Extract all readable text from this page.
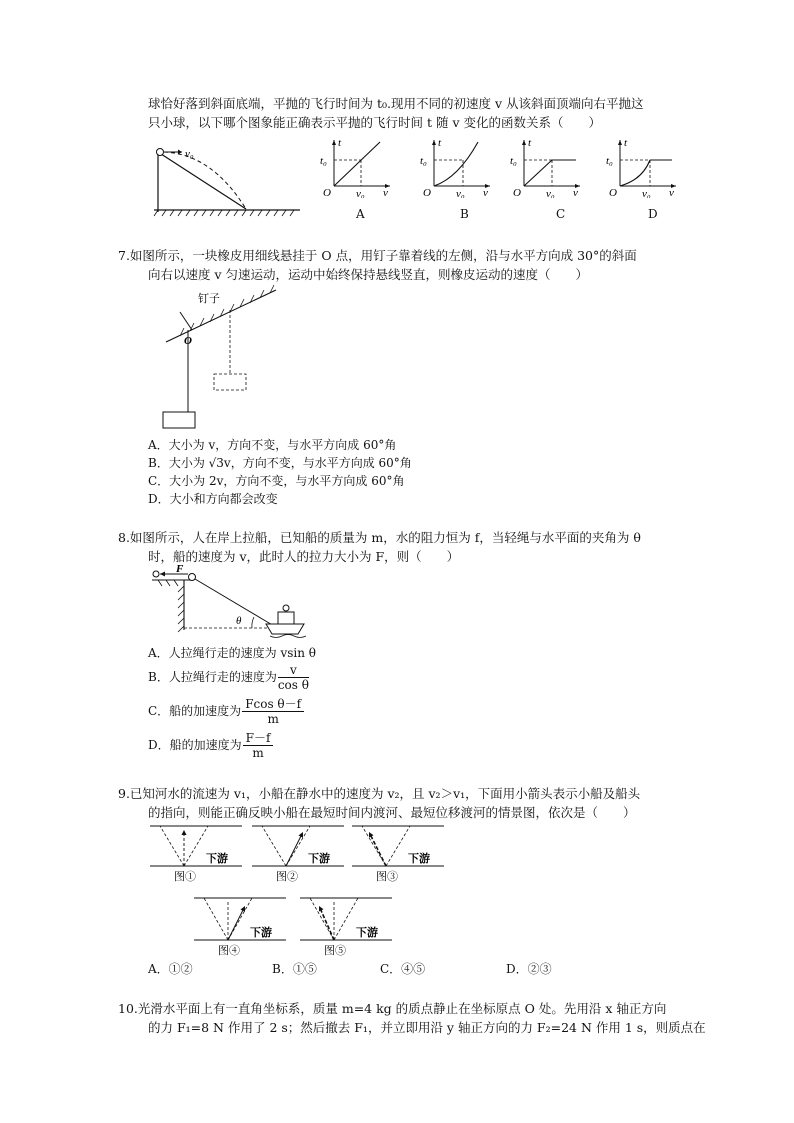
球恰好落到斜面底端，平抛的飞行时间为 t₀.现用不同的初速度 v 从该斜面顶端向右平抛这
只小球，以下哪个图象能正确表示平抛的飞行时间 t 随 v 变化的函数关系（　　）
v₀
t
t₀
O v₀ v
t
t₀
O v₀ v
t
t₀
O v₀ v
t
t₀
O v₀ v
A	B	C	D
7.如图所示，一块橡皮用细线悬挂于 O 点，用钉子靠着线的左侧，沿与水平方向成 30°的斜面
向右以速度 v 匀速运动，运动中始终保持悬线竖直，则橡皮运动的速度（　　）
O
钉子
A．大小为 v，方向不变，与水平方向成 60°角
B．大小为 √3v，方向不变，与水平方向成 60°角
C．大小为 2v，方向不变，与水平方向成 60°角
D．大小和方向都会改变
8.如图所示，人在岸上拉船，已知船的质量为 m，水的阻力恒为 f，当轻绳与水平面的夹角为 θ
时，船的速度为 v，此时人的拉力大小为 F，则（　　）
F
θ
A．人拉绳行走的速度为 vsin θ
B．人拉绳行走的速度为 $\frac{v}{\text{cos θ}}$
C．船的加速度为 $\frac{\text{Fcos θ－f}}{m}$
D．船的加速度为 $\frac{F-f}{m}$
9.已知河水的流速为 v₁，小船在静水中的速度为 v₂，且 v₂＞v₁，下面用小箭头表示小船及船头
的指向，则能正确反映小船在最短时间内渡河、最短位移渡河的情景图，依次是（　　）
下游
图①
下游
图②
下游
图③
下游
图④
下游
图⑤
A．①②	B．①⑤	C．④⑤	D．②③
10.光滑水平面上有一直角坐标系，质量 m=4 kg 的质点静止在坐标原点 O 处。先用沿 x 轴正方向
的力 F₁=8 N 作用了 2 s；然后撤去 F₁，并立即用沿 y 轴正方向的力 F₂=24 N 作用 1 s，则质点在
